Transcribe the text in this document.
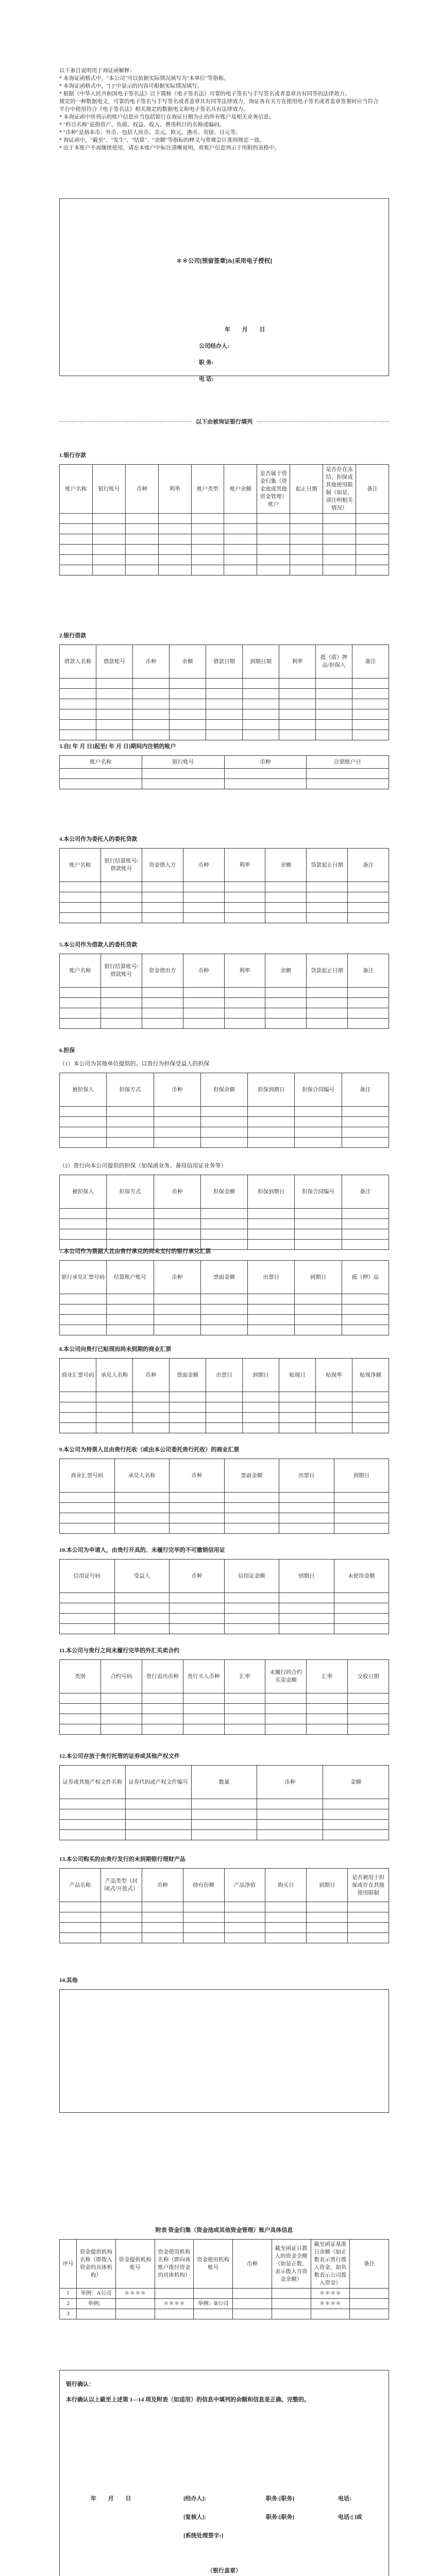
以下条目说明用于询证函解释：
* 本询证函格式中，"本公司"可以依据实际情况填写为"本单位"等指称。
* 本询证函格式中，"[ ]"中显示的内容可根据实际情况填写。
* 根据《中华人民共和国电子签名法》以下简称《电子签名法》可靠的电子签名与手写签名或者盖章具有同等的法律效力。
规定的一种数据电文，可靠的电子签名与手写签名或者盖章具有同等法律效力，询证各有关方在使用电子签名或者盖章签署时应当符合
平台中使用符合《电子签名法》相关规定的数据电文和电子签名具有法律效力。
* 本询证函中所列示的账户信息应当包括银行在询证日期为止的所有账户及相关业务信息。
* "科目名称"是指资产、负债、权益、收入、费用科目的名称或编码。
* "币种"是指本币、外币，包括人民币、美元、欧元、港币、英镑、日元等。
* 询证函中，"截至"、"发生"、"结算"、"余额"等指标的释义与常规会计准则规定一致。
* 由于本账户不再继续使用，请在本账户中标注清晰说明，将账户信息列示于所附的表格中。
＊＊公司[预留签章]&[采用电子授权]
年 月 日
公司经办人:
职 务:
电 话:
以下由被询证银行填列
1.银行存款
账户名称	银行账号	币种	利率	账户类型	账户余额	是否属于资金归集（资金池或其他资金管理）账户	起止日期	是否存在冻结、担保或其他使用限制（如是，请注明相关情况）	备注

2.银行借款
借款人名称	借款账号	币种	余额	借款日期	到期日期	利率	抵（质）押品/担保人	备注

3.自[ 年 月 日]起至[ 年 月 日]期间内注销的账户
账户名称	银行账号	币种	注销账户日

4.本公司作为委托人的委托贷款
账户名称	银行结算账号/借款账号	资金借入方	币种	利率	余额	贷款起止日期	备注

5.本公司作为借款人的委托贷款
账户名称	银行结算账号/借款账号	资金借出方	币种	利率	余额	贷款起止日期	备注

6.担保
（1）本公司为其他单位提供的、以贵行为担保受益人的担保
被担保人	担保方式	币种	担保余额	担保到期日	担保合同编号	备注

（2）贵行向本公司提供的担保（如保函业务、备用信用证业务等）
被担保人	担保方式	币种	担保金额	担保到期日	担保合同编号	备注

7.本公司作为票据人且由贵行承兑的尚未支付的银行承兑汇票
银行承兑汇票号码	结算账户账号	币种	票面金额	出票日	到期日	抵（押）品

8.本公司向贵行已贴现而尚未到期的商业汇票
商业汇票号码	承兑人名称	币种	票面金额	出票日	到期日	贴现日	贴现率	贴现净额

9.本公司为持票人且由贵行托收（或由本公司委托贵行托收）的商业汇票
商业汇票号码	承兑人名称	币种	票面金额	出票日	到期日

10.本公司为申请人，由贵行开具的、未履行完毕的不可撤销信用证
信用证号码	受益人	币种	信用证金额	到期日	未使用金额

11.本公司与贵行之间未履行完毕的外汇买卖合约
类别	合约号码	贵行卖出币种	贵行买入币种	汇率	未履行的合约买卖金额	汇率	交收日期

12.本公司存放于贵行托管的证券或其他产权文件
证券或其他产权文件名称	证券代码或产权文件编号	数量	币种	金额

13.本公司购买的由贵行发行的未到期银行理财产品
产品名称	产品类型（封闭式/开放式）	币种	持有份额	产品净值	购买日	到期日	是否被用于担保或存在其他使用限制

14.其他
附表 资金归集（资金池或其他资金管理）账户具体信息
序号	资金提供机构名称（即拨入资金的具体机构）	资金提供机构账号	资金使用机构名称（即向该账户拨付资金的具体机构）	资金使用机构账号	币种	截至函证日拨入的资金全额（如是正数，表示拨入方资金余额）	截至函证基准日余额（如正数表示贵行拨入资金，如负数表示公司拨入资金）	备注
1	举例：A公司	＊＊＊＊					＊＊＊＊	
2	举例：		＊＊＊＊	举例：B公司			＊＊＊＊	
3								
银行确认：
本行确认以上截至上述第 1—14 项及附表（如适用）的信息中填列的余额和信息是正确、完整的。
年 月 日	[经办人]:	职务:[职务]	电话:
[复核人]:	职务:[职务]	电话:[ ]或
[系统处理签字:]
（银行盖章）
